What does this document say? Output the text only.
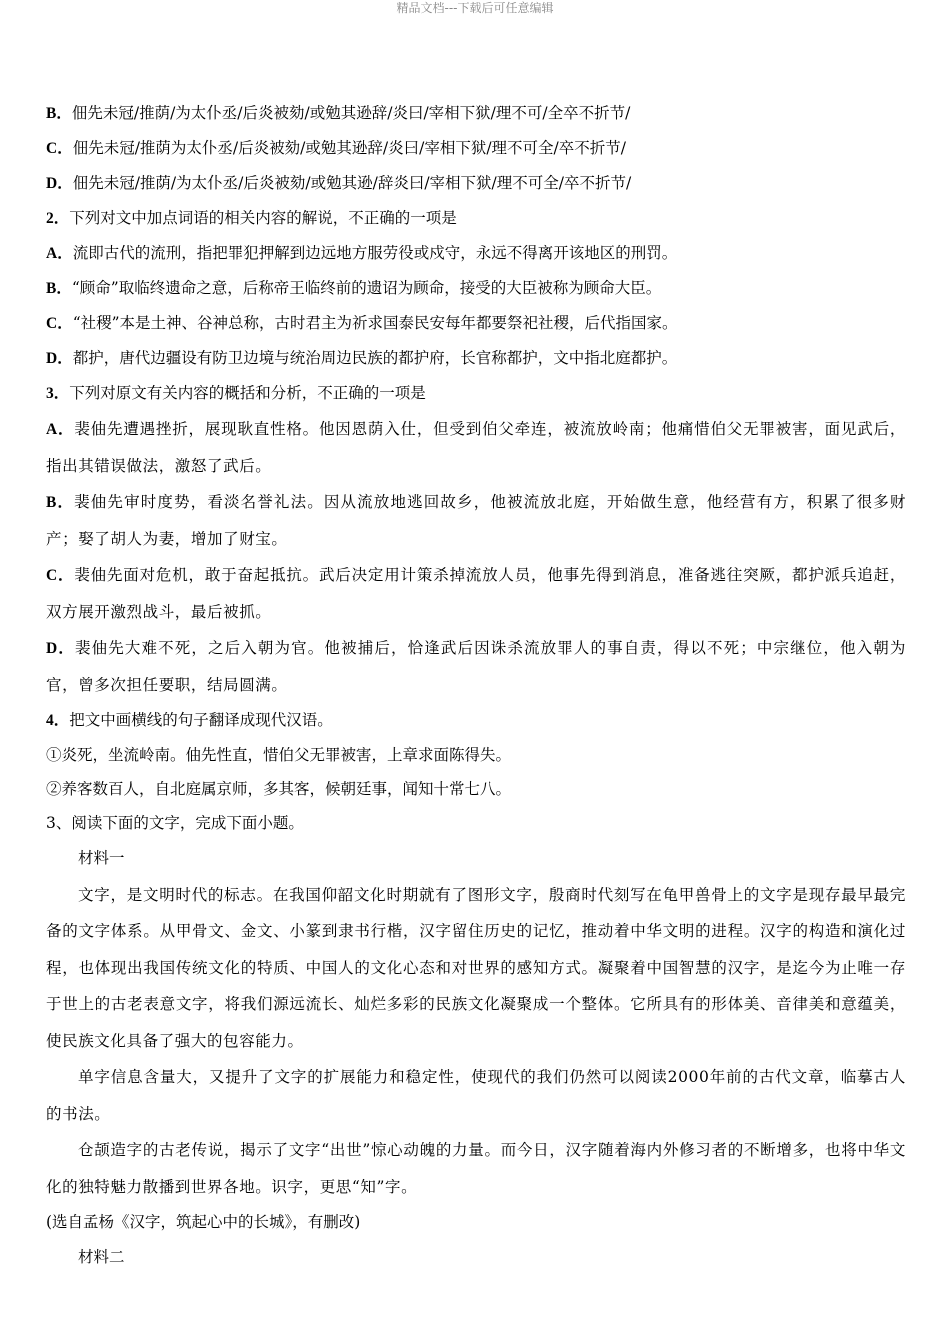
精品文档---下载后可任意编辑

B．佃先未冠/推荫/为太仆丞/后炎被劾/或勉其逊辞/炎曰/宰相下狱/理不可/全卒不折节/

C．佃先未冠/推荫为太仆丞/后炎被劾/或勉其逊辞/炎曰/宰相下狱/理不可全/卒不折节/

D．佃先未冠/推荫/为太仆丞/后炎被劾/或勉其逊/辞炎曰/宰相下狱/理不可全/卒不折节/

2．下列对文中加点词语的相关内容的解说，不正确的一项是

A．流即古代的流刑，指把罪犯押解到边远地方服劳役或戍守，永远不得离开该地区的刑罚。

B．“顾命”取临终遗命之意，后称帝王临终前的遗诏为顾命，接受的大臣被称为顾命大臣。

C．“社稷”本是土神、谷神总称，古时君主为祈求国泰民安每年都要祭祀社稷，后代指国家。

D．都护，唐代边疆设有防卫边境与统治周边民族的都护府，长官称都护，文中指北庭都护。

3．下列对原文有关内容的概括和分析，不正确的一项是

A．裴伷先遭遇挫折，展现耿直性格。他因恩荫入仕，但受到伯父牵连，被流放岭南；他痛惜伯父无罪被害，面见武后，指出其错误做法，激怒了武后。

B．裴伷先审时度势，看淡名誉礼法。因从流放地逃回故乡，他被流放北庭，开始做生意，他经营有方，积累了很多财产；娶了胡人为妻，增加了财宝。

C．裴伷先面对危机，敢于奋起抵抗。武后决定用计策杀掉流放人员，他事先得到消息，准备逃往突厥，都护派兵追赶，双方展开激烈战斗，最后被抓。

D．裴伷先大难不死，之后入朝为官。他被捕后，恰逢武后因诛杀流放罪人的事自责，得以不死；中宗继位，他入朝为官，曾多次担任要职，结局圆满。

4．把文中画横线的句子翻译成现代汉语。

①炎死，坐流岭南。伷先性直，惜伯父无罪被害，上章求面陈得失。

②养客数百人，自北庭属京师，多其客，候朝廷事，闻知十常七八。

3、阅读下面的文字，完成下面小题。

材料一

文字，是文明时代的标志。在我国仰韶文化时期就有了图形文字，殷商时代刻写在龟甲兽骨上的文字是现存最早最完备的文字体系。从甲骨文、金文、小篆到隶书行楷，汉字留住历史的记忆，推动着中华文明的进程。汉字的构造和演化过程，也体现出我国传统文化的特质、中国人的文化心态和对世界的感知方式。凝聚着中国智慧的汉字，是迄今为止唯一存于世上的古老表意文字，将我们源远流长、灿烂多彩的民族文化凝聚成一个整体。它所具有的形体美、音律美和意蕴美，使民族文化具备了强大的包容能力。

单字信息含量大，又提升了文字的扩展能力和稳定性，使现代的我们仍然可以阅读2000年前的古代文章，临摹古人的书法。

仓颉造字的古老传说，揭示了文字“出世”惊心动魄的力量。而今日，汉字随着海内外修习者的不断增多，也将中华文化的独特魅力散播到世界各地。识字，更思“知”字。

(选自孟杨《汉字，筑起心中的长城》，有删改)

材料二
